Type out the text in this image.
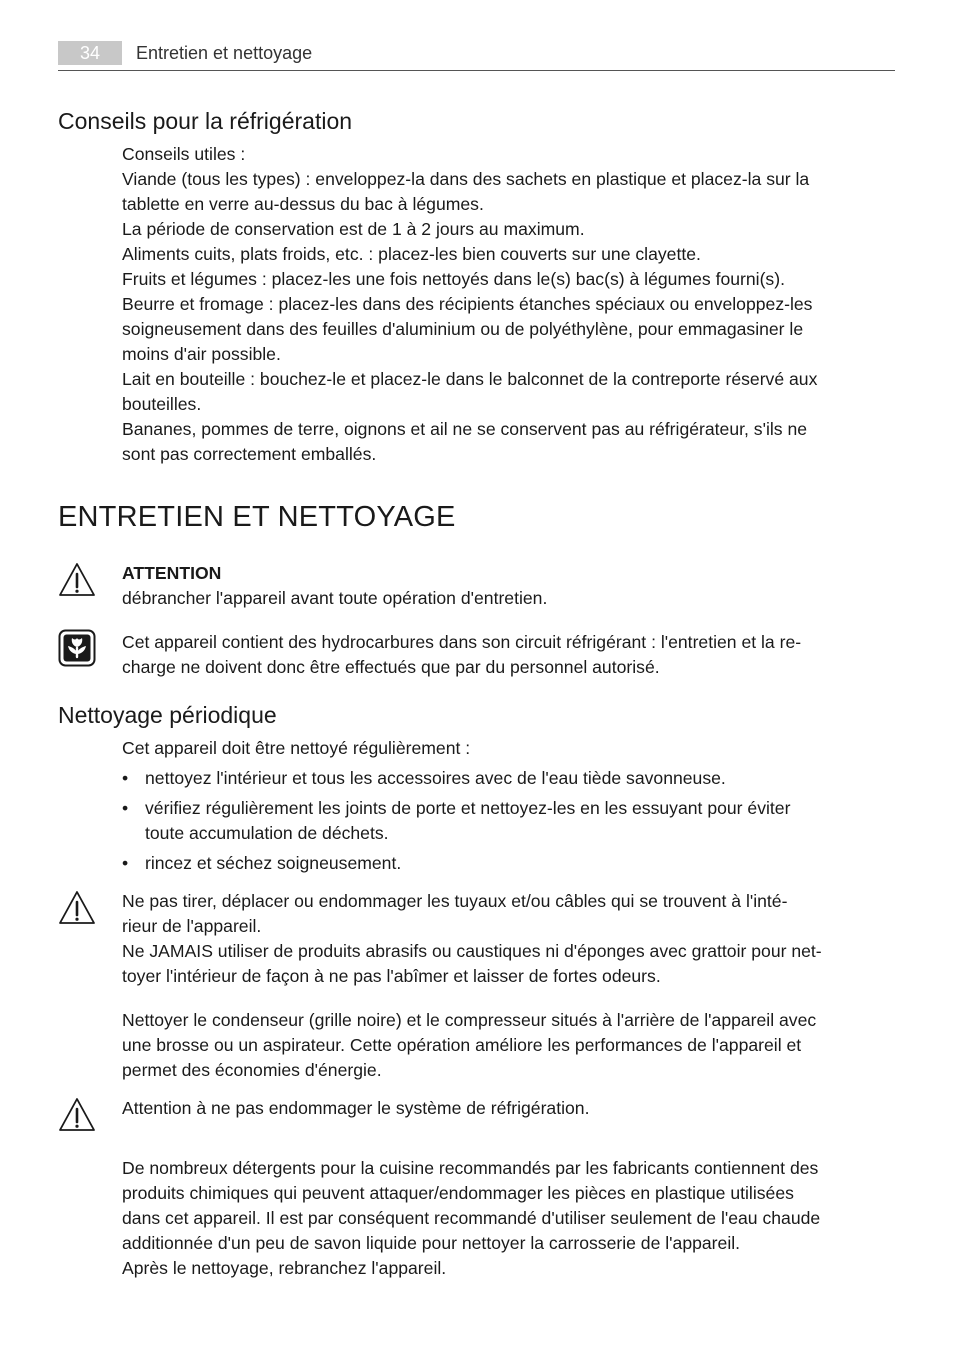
34	Entretien et nettoyage
Conseils pour la réfrigération
Conseils utiles :
Viande (tous les types) : enveloppez-la dans des sachets en plastique et placez-la sur la
tablette en verre au-dessus du bac à légumes.
La période de conservation est de 1 à 2 jours au maximum.
Aliments cuits, plats froids, etc. : placez-les bien couverts sur une clayette.
Fruits et légumes : placez-les une fois nettoyés dans le(s) bac(s) à légumes fourni(s).
Beurre et fromage : placez-les dans des récipients étanches spéciaux ou enveloppez-les
soigneusement dans des feuilles d'aluminium ou de polyéthylène, pour emmagasiner le
moins d'air possible.
Lait en bouteille : bouchez-le et placez-le dans le balconnet de la contreporte réservé aux
bouteilles.
Bananes, pommes de terre, oignons et ail ne se conservent pas au réfrigérateur, s'ils ne
sont pas correctement emballés.
ENTRETIEN ET NETTOYAGE
ATTENTION
débrancher l'appareil avant toute opération d'entretien.
Cet appareil contient des hydrocarbures dans son circuit réfrigérant : l'entretien et la re-
charge ne doivent donc être effectués que par du personnel autorisé.
Nettoyage périodique
Cet appareil doit être nettoyé régulièrement :
• nettoyez l'intérieur et tous les accessoires avec de l'eau tiède savonneuse.
• vérifiez régulièrement les joints de porte et nettoyez-les en les essuyant pour éviter
toute accumulation de déchets.
• rincez et séchez soigneusement.
Ne pas tirer, déplacer ou endommager les tuyaux et/ou câbles qui se trouvent à l'inté-
rieur de l'appareil.
Ne JAMAIS utiliser de produits abrasifs ou caustiques ni d'éponges avec grattoir pour net-
toyer l'intérieur de façon à ne pas l'abîmer et laisser de fortes odeurs.
Nettoyer le condenseur (grille noire) et le compresseur situés à l'arrière de l'appareil avec
une brosse ou un aspirateur. Cette opération améliore les performances de l'appareil et
permet des économies d'énergie.
Attention à ne pas endommager le système de réfrigération.
De nombreux détergents pour la cuisine recommandés par les fabricants contiennent des
produits chimiques qui peuvent attaquer/endommager les pièces en plastique utilisées
dans cet appareil. Il est par conséquent recommandé d'utiliser seulement de l'eau chaude
additionnée d'un peu de savon liquide pour nettoyer la carrosserie de l'appareil.
Après le nettoyage, rebranchez l'appareil.
